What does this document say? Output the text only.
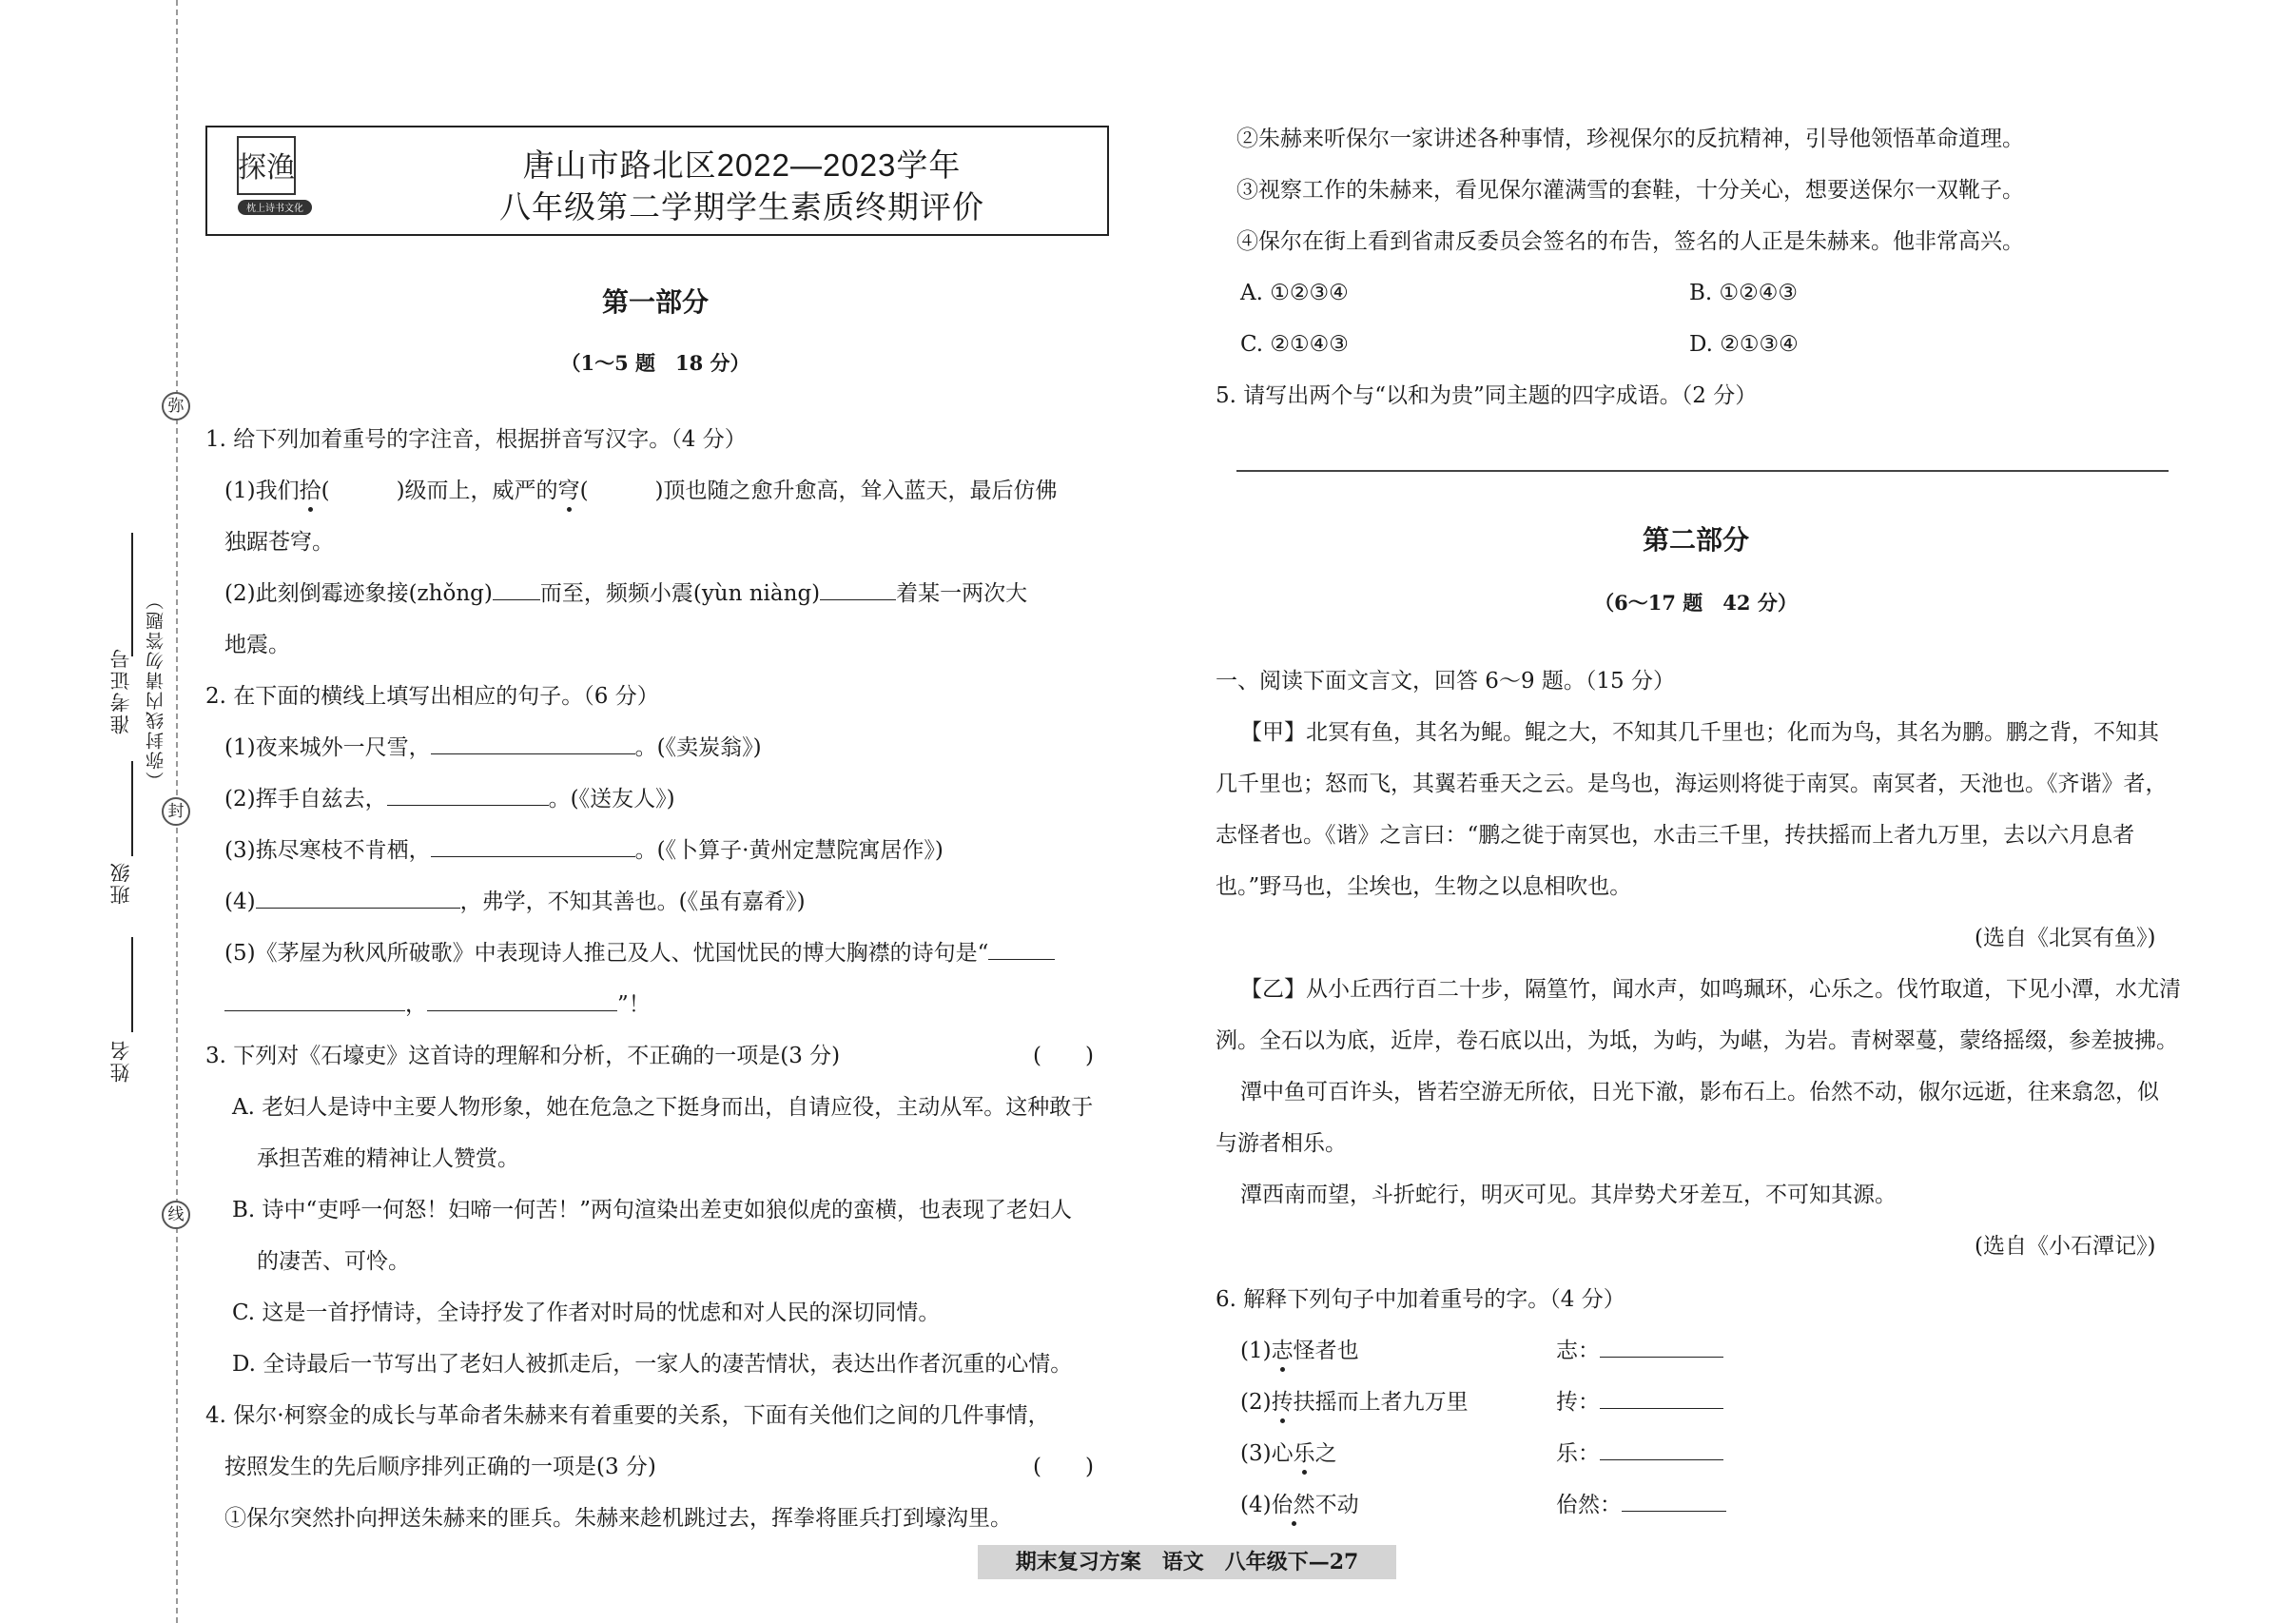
弥
封
线
（弥封线内请勿答题）
准考证号
班级
姓名
探渔
枕上诗书文化
唐山市路北区2022—2023学年
八年级第二学期学生素质终期评价
第一部分
（1～5 题　18 分）
1. 给下列加着重号的字注音，根据拼音写汉字。（4 分）
(1)我们拾(	)级而上，威严的穹(	)顶也随之愈升愈高，耸入蓝天，最后仿佛
独踞苍穹。
(2)此刻倒霉迹象接(zhǒng) 而至，频频小震(yùn niàng)	着某一两次大
地震。
2. 在下面的横线上填写出相应的句子。（6 分）
(1)夜来城外一尺雪，	。(《卖炭翁》)
(2)挥手自兹去，	。(《送友人》)
(3)拣尽寒枝不肯栖，	。(《卜算子·黄州定慧院寓居作》)
(4)	，弗学，不知其善也。(《虽有嘉肴》)
(5)《茅屋为秋风所破歌》中表现诗人推己及人、忧国忧民的博大胸襟的诗句是“
，	”！
3. 下列对《石壕吏》这首诗的理解和分析，不正确的一项是(3 分)	(　　)
A. 老妇人是诗中主要人物形象，她在危急之下挺身而出，自请应役，主动从军。这种敢于
承担苦难的精神让人赞赏。
B. 诗中“吏呼一何怒！妇啼一何苦！”两句渲染出差吏如狼似虎的蛮横，也表现了老妇人
的凄苦、可怜。
C. 这是一首抒情诗，全诗抒发了作者对时局的忧虑和对人民的深切同情。
D. 全诗最后一节写出了老妇人被抓走后，一家人的凄苦情状，表达出作者沉重的心情。
4. 保尔·柯察金的成长与革命者朱赫来有着重要的关系，下面有关他们之间的几件事情，
按照发生的先后顺序排列正确的一项是(3 分)	(　　)
①保尔突然扑向押送朱赫来的匪兵。朱赫来趁机跳过去，挥拳将匪兵打到壕沟里。
②朱赫来听保尔一家讲述各种事情，珍视保尔的反抗精神，引导他领悟革命道理。
③视察工作的朱赫来，看见保尔灌满雪的套鞋，十分关心，想要送保尔一双靴子。
④保尔在街上看到省肃反委员会签名的布告，签名的人正是朱赫来。他非常高兴。
A. ①②③④	B. ①②④③
C. ②①④③	D. ②①③④
5. 请写出两个与“以和为贵”同主题的四字成语。（2 分）
第二部分
（6～17 题　42 分）
一、阅读下面文言文，回答 6～9 题。（15 分）
【甲】北冥有鱼，其名为鲲。鲲之大，不知其几千里也；化而为鸟，其名为鹏。鹏之背，不知其
几千里也；怒而飞，其翼若垂天之云。是鸟也，海运则将徙于南冥。南冥者，天池也。《齐谐》者，
志怪者也。《谐》之言曰：“鹏之徙于南冥也，水击三千里，抟扶摇而上者九万里，去以六月息者
也。”野马也，尘埃也，生物之以息相吹也。
(选自《北冥有鱼》)
【乙】从小丘西行百二十步，隔篁竹，闻水声，如鸣珮环，心乐之。伐竹取道，下见小潭，水尤清
洌。全石以为底，近岸，卷石底以出，为坻，为屿，为嵁，为岩。青树翠蔓，蒙络摇缀，参差披拂。
潭中鱼可百许头，皆若空游无所依，日光下澈，影布石上。佁然不动，俶尔远逝，往来翕忽，似
与游者相乐。
潭西南而望，斗折蛇行，明灭可见。其岸势犬牙差互，不可知其源。
(选自《小石潭记》)
6. 解释下列句子中加着重号的字。（4 分）
(1)志怪者也	志：
(2)抟扶摇而上者九万里	抟：
(3)心乐之	乐：
(4)佁然不动	佁然：
期末复习方案　语文　八年级下—27
